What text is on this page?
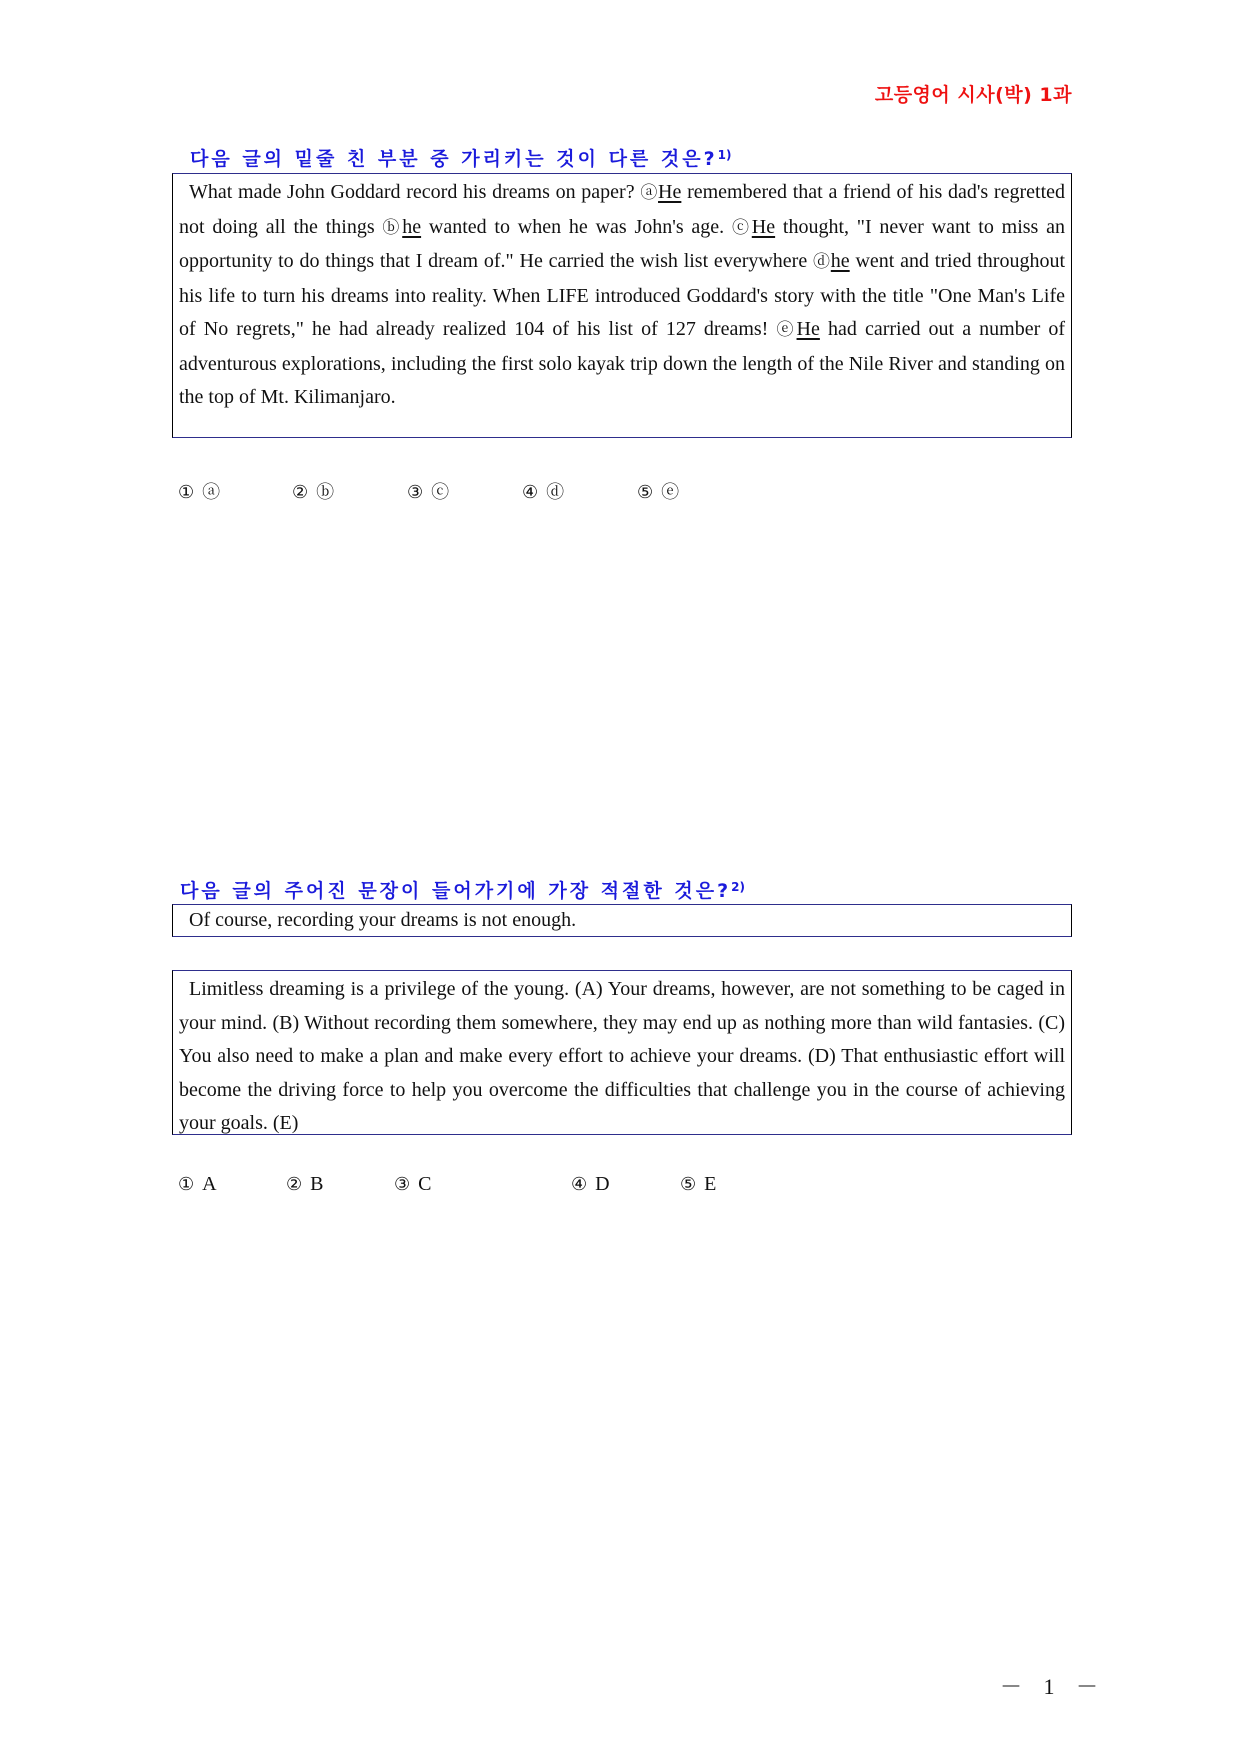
고등영어 시사(박) 1과
다음 글의 밑줄 친 부분 중 가리키는 것이 다른 것은?$^{1)}$

What made John Goddard record his dreams on paper? ⓐHe remembered that a friend of his dad's regretted not doing all the things ⓑhe wanted to when he was John's age. ⓒHe thought, "I never want to miss an opportunity to do things that I dream of." He carried the wish list everywhere ⓓhe went and tried throughout his life to turn his dreams into reality. When LIFE introduced Goddard's story with the title "One Man's Life of No regrets," he had already realized 104 of his list of 127 dreams! ⓔHe had carried out a number of adventurous explorations, including the first solo kayak trip down the length of the Nile River and standing on the top of Mt. Kilimanjaro.

① ⓐ	② ⓑ	③ ⓒ	④ ⓓ	⑤ ⓔ
다음 글의 주어진 문장이 들어가기에 가장 적절한 것은?$^{2)}$

Of course, recording your dreams is not enough.

Limitless dreaming is a privilege of the young. (A) Your dreams, however, are not something to be caged in your mind. (B) Without recording them somewhere, they may end up as nothing more than wild fantasies. (C) You also need to make a plan and make every effort to achieve your dreams. (D) That enthusiastic effort will become the driving force to help you overcome the difficulties that challenge you in the course of achieving your goals. (E)

① A	② B	③ C	④ D	⑤ E
－ 1 －
